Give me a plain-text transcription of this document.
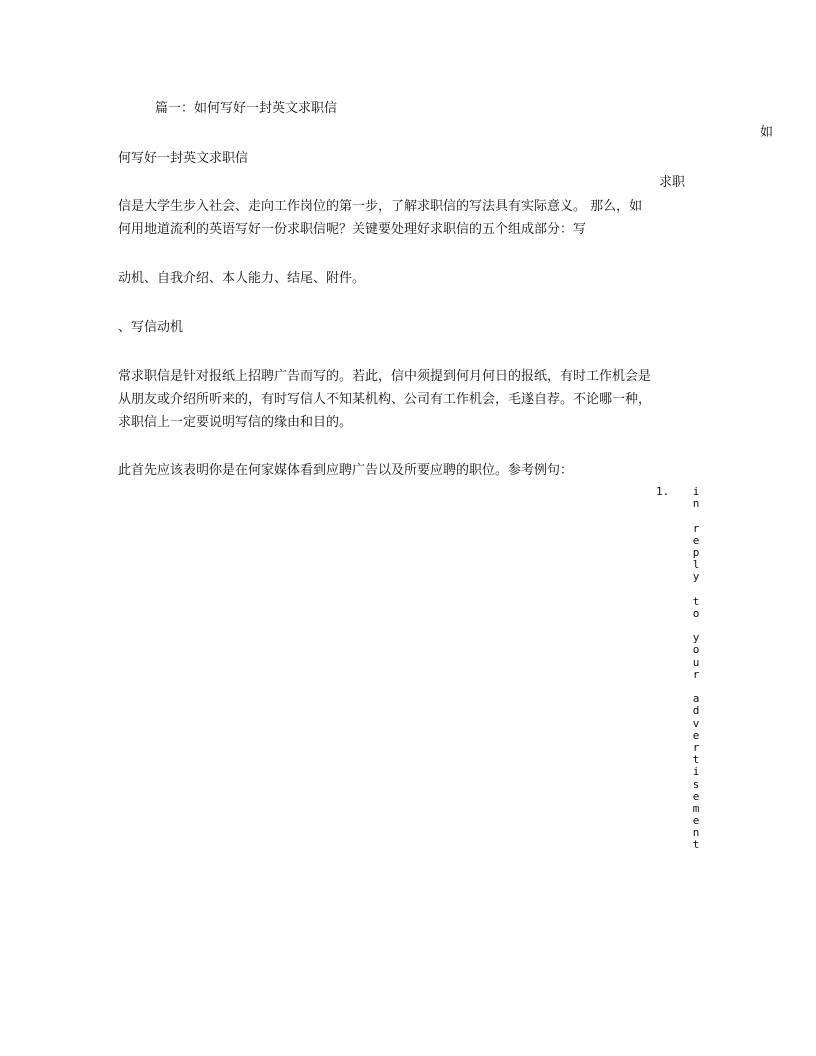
篇一：如何写好一封英文求职信
如
何写好一封英文求职信
求职
信是大学生步入社会、走向工作岗位的第一步，了解求职信的写法具有实际意义。 那么，如
何用地道流利的英语写好一份求职信呢？关键要处理好求职信的五个组成部分：写
动机、自我介绍、本人能力、结尾、附件。
、写信动机
常求职信是针对报纸上招聘广告而写的。若此，信中须提到何月何日的报纸，有时工作机会是
从朋友或介绍所听来的，有时写信人不知某机构、公司有工作机会，毛遂自荐。不论哪一种，
求职信上一定要说明写信的缘由和目的。
此首先应该表明你是在何家媒体看到应聘广告以及所要应聘的职位。参考例句：
1.	i
n

r
e
p
l
y

t
o

y
o
u
r

a
d
v
e
r
t
i
s
e
m
e
n
t
